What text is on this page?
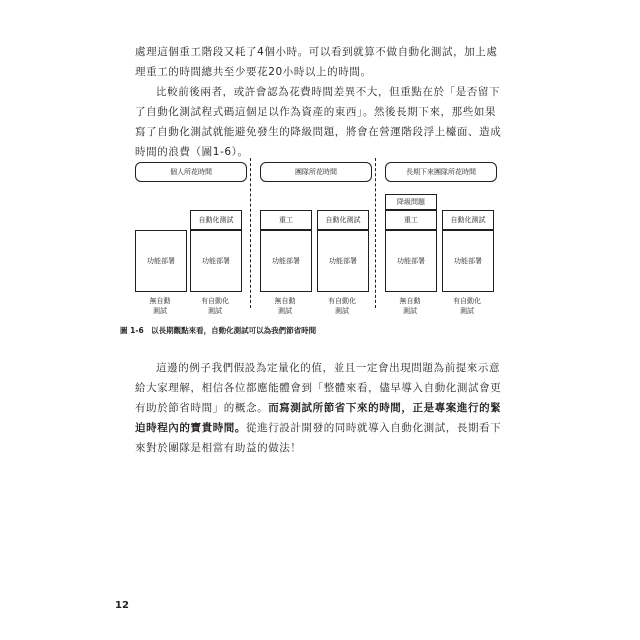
處理這個重工階段又耗了4個小時。可以看到就算不做自動化測試，加上處理重工的時間總共至少要花20小時以上的時間。

比較前後兩者，或許會認為花費時間差異不大，但重點在於「是否留下了自動化測試程式碼這個足以作為資產的東西」。然後長期下來，那些如果寫了自動化測試就能避免發生的降級問題，將會在營運階段浮上檯面、造成時間的浪費（圖1-6）。

個人所花時間
自動化測試
功能部署	功能部署
無自動
測試
有自動化
測試
團隊所花時間
重工	自動化測試
功能部署	功能部署
無自動
測試
有自動化
測試
長期下來團隊所花時間
降級問題
重工	自動化測試
功能部署	功能部署
無自動
測試
有自動化
測試
圖 1-6　以長期觀點來看，自動化測試可以為我們節省時間

這邊的例子我們假設為定量化的值，並且一定會出現問題為前提來示意給大家理解，相信各位都應能體會到「整體來看，儘早導入自動化測試會更有助於節省時間」的概念。而寫測試所節省下來的時間，正是專案進行的緊迫時程內的寶貴時間。從進行設計開發的同時就導入自動化測試，長期看下來對於團隊是相當有助益的做法！

12
